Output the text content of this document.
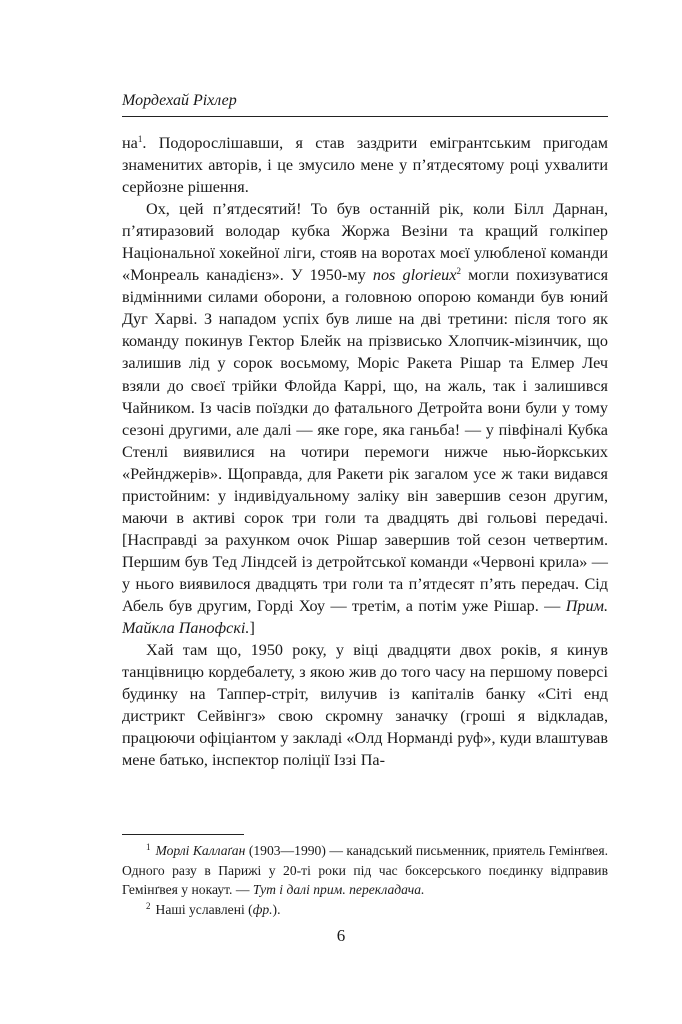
Мордехай Ріхлер

$на^1$. Подорослішавши, я став заздрити емігрантським пригодам знаменитих авторів, і це змусило мене у п’ятдесятому році ухвалити серйозне рішення.

Ох, цей п’ятдесятий! То був останній рік, коли Білл Дарнан, п’ятиразовий володар кубка Жоржа Везіни та кращий голкіпер Національної хокейної ліги, стояв на воротах моєї улюбленої команди «Монреаль канадієнз». У 1950-му nos glorieux$^2$ могли похизуватися відмінними силами оборони, а головною опорою команди був юний Дуг Харві. З нападом успіх був лише на дві третини: після того як команду покинув Гектор Блейк на прізвисько Хлопчик-мізинчик, що залишив лід у сорок восьмому, Моріс Ракета Рішар та Елмер Леч взяли до своєї трійки Флойда Каррі, що, на жаль, так і залишився Чайником. Із часів поїздки до фатального Детройта вони були у тому сезоні другими, але далі — яке горе, яка ганьба! — у півфіналі Кубка Стенлі виявилися на чотири перемоги нижче нью-йоркських «Рейнджерів». Щоправда, для Ракети рік загалом усе ж таки видався пристойним: у індивідуальному заліку він завершив сезон другим, маючи в активі сорок три голи та двадцять дві гольові передачі. [Насправді за рахунком очок Рішар завершив той сезон четвертим. Першим був Тед Ліндсей із детройтської команди «Червоні крила» — у нього виявилося двадцять три голи та п’ятдесят п’ять передач. Сід Абель був другим, Горді Хоу — третім, а потім уже Рішар. — Прим. Майкла Панофскі.]

Хай там що, 1950 року, у віці двадцяти двох років, я кинув танцівницю кордебалету, з якою жив до того часу на першому поверсі будинку на Таппер-стріт, вилучив із капіталів банку «Сіті енд дистрикт Сейвінгз» свою скромну заначку (гроші я відкладав, працюючи офіціантом у закладі «Олд Норманді руф», куди влаштував мене батько, інспектор поліції Іззі Па-

$^1$ Морлі Каллаґан (1903—1990) — канадський письменник, приятель Гемінґвея. Одного разу в Парижі у 20-ті роки під час боксерського поєдинку відправив Гемінґвея у нокаут. — Тут і далі прим. перекладача.

$^2$ Наші уславлені (фр.).

6
